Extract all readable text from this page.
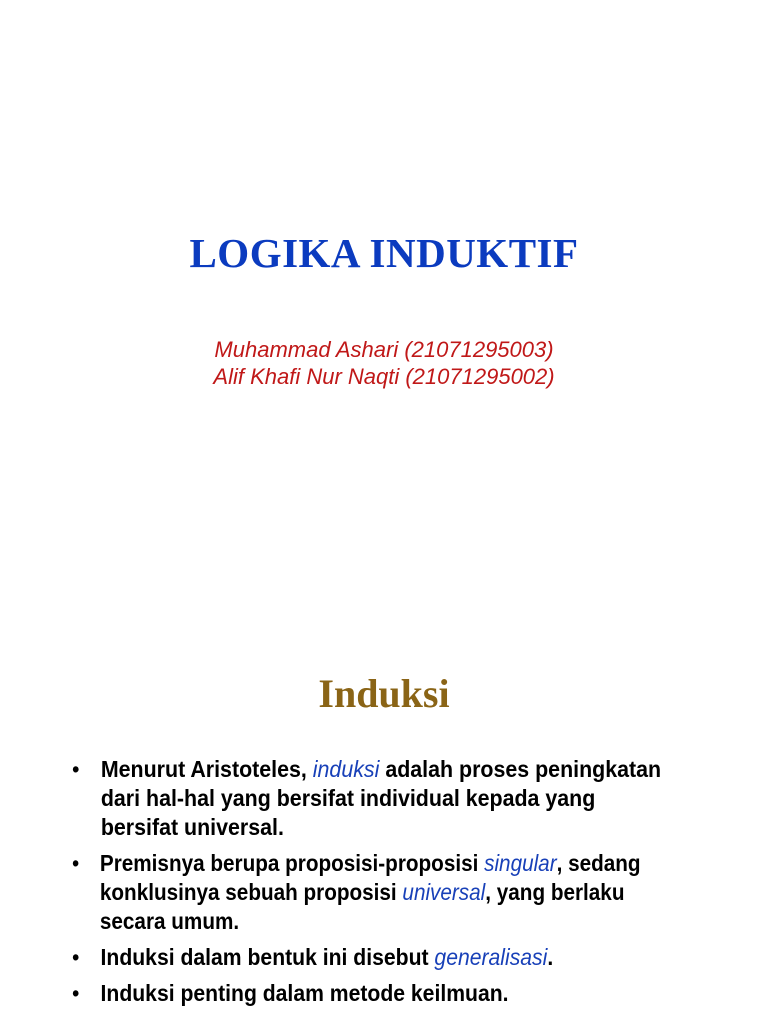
LOGIKA INDUKTIF
Muhammad Ashari (21071295003)
Alif Khafi Nur Naqti (21071295002)
Induksi
• Menurut Aristoteles, induksi adalah proses peningkatan dari hal-hal yang bersifat individual kepada yang bersifat universal.
• Premisnya berupa proposisi-proposisi singular, sedang konklusinya sebuah proposisi universal, yang berlaku secara umum.
• Induksi dalam bentuk ini disebut generalisasi.
• Induksi penting dalam metode keilmuan.
